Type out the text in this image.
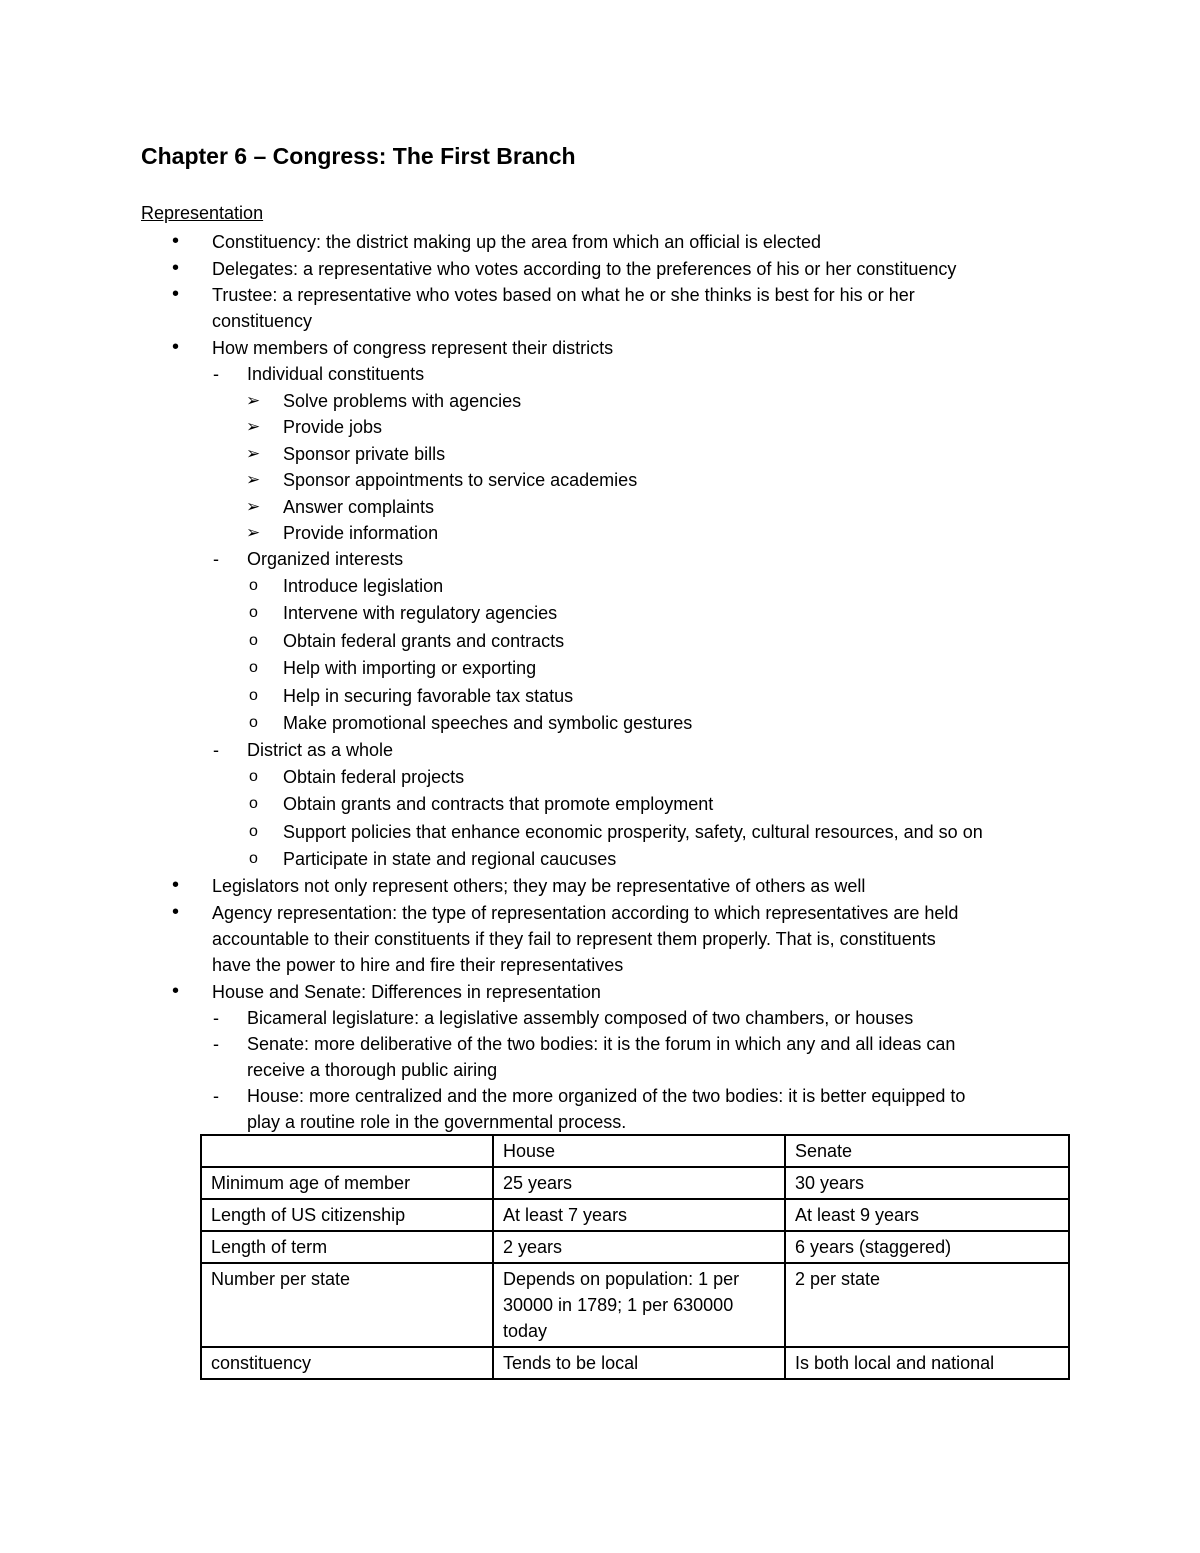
Chapter 6 – Congress: The First Branch
Representation
• Constituency: the district making up the area from which an official is elected
• Delegates: a representative who votes according to the preferences of his or her constituency
• Trustee: a representative who votes based on what he or she thinks is best for his or her
constituency
• How members of congress represent their districts
- Individual constituents
➢ Solve problems with agencies
➢ Provide jobs
➢ Sponsor private bills
➢ Sponsor appointments to service academies
➢ Answer complaints
➢ Provide information
- Organized interests
o Introduce legislation
o Intervene with regulatory agencies
o Obtain federal grants and contracts
o Help with importing or exporting
o Help in securing favorable tax status
o Make promotional speeches and symbolic gestures
- District as a whole
o Obtain federal projects
o Obtain grants and contracts that promote employment
o Support policies that enhance economic prosperity, safety, cultural resources, and so on
o Participate in state and regional caucuses
• Legislators not only represent others; they may be representative of others as well
• Agency representation: the type of representation according to which representatives are held
accountable to their constituents if they fail to represent them properly. That is, constituents
have the power to hire and fire their representatives
• House and Senate: Differences in representation
- Bicameral legislature: a legislative assembly composed of two chambers, or houses
- Senate: more deliberative of the two bodies: it is the forum in which any and all ideas can
receive a thorough public airing
- House: more centralized and the more organized of the two bodies: it is better equipped to
play a routine role in the governmental process.
	House	Senate
Minimum age of member	25 years	30 years
Length of US citizenship	At least 7 years	At least 9 years
Length of term	2 years	6 years (staggered)
Number per state	Depends on population: 1 per
30000 in 1789; 1 per 630000
today	2 per state
constituency	Tends to be local	Is both local and national
